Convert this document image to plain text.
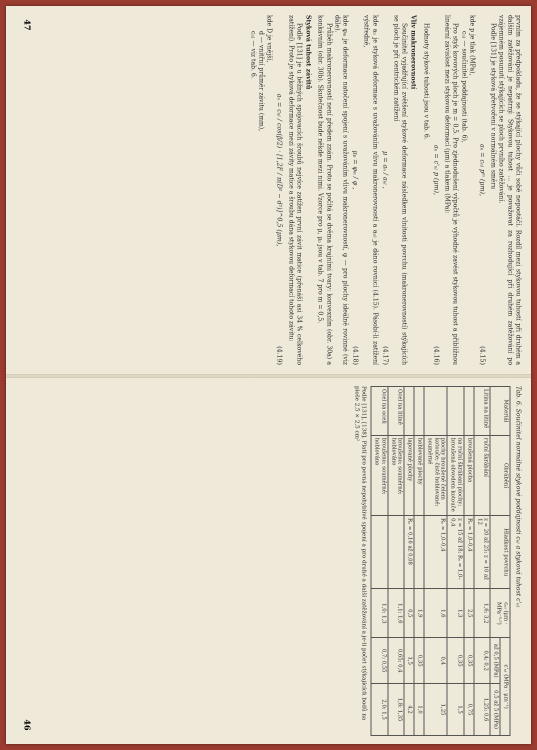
prvním za předpokladu, že se stýkající plochy vůči sobě nepootáčí. Rozdíl mezi stykovou tuhostí při druhém a dalším zatěžování je nepatrný. Stykovou tuhost ... je považovat za rozhodující při druhém zatěžování po vzájemném posunutí stýkajících se ploch prvního zatěžování.

Podle [131] je styková přetvoření v normálném směru

aₙ = cₙₗ pᵐ (μm),
(4.15)

kde p je tlak (MPa),

cₙₗ — součinitel poddajnosti (tab. 6),

Pro styk kovových ploch je m = 0,5. Pro zjednodušení výpočtů je výhodné zavést stykovou tuhost a přibližnou lineární závislost mezi stykovou deformací (μm) a tlakem (MPa):

aₙ = c'ₙₗ p (μm),
(4.16)

Hodnoty stykové tuhosti jsou v tab. 6.

Vliv makronerovností

Součinitel vyjadřující zvětšení stykové deformace následkem vlnitosti povrchu (makronerovností) stýkajících se ploch je při centrickém zatížení

μ = aₙ / aₙₗ ,
(4.17)

kde aₙ je styková deformace s uvažováním vlivu makronerovností a aₙₗ je dáno rovnicí (4.15). Pásobí-li zatížení výstředně,

μₚ = φₘ / φ ,
(4.18)

kde φₘ je deformace natočení spojení s uvažováním vlivu makronerovností, φ — pro plochy ideálně rovinné (viz dále).

Průběh makronerovností není předem znám. Proto se počítá se dvěma krajními tvary: konvexním (obr. 30a) a konkávním (obr. 30b). Skutečnost bude někde mezi nimi. Vzorce pro μ, μₚ jsou v tab. 7 pro m = 0,5.

Styková tuhost závitů

Podle [131] je u běžných spojovacích šroubů nejvíce zatížen první závit matice (přenáší asi 34 % celkového zatížení). Proto je styková deformace mezi závity matice a šroubu dána stykovou deformací tohoto závitu:

aₙ = cₙₗ / cos(β/2) · [1,2F / π(D² − d²)]^0,5 (μm),
(4.19)

kde D je vnější,

d — vnitřní průměr závitu (mm),

cₙₗ — viz tab. 6.

47

Tab. 6. Součinitel normálné stykové poddajnosti cₙₗ a styková tuhost c'ₙₗ

Materiál	Obrábění	Hladkost povrchu	cₙₗ (μm · MPa⁻⁰·⁵)	c'ₙₗ (MPa · μm⁻¹)	
				až 0,5 (MPa)	0,5 až 5 (MPa)
Litina na litině	ruční škrábání	z = 20 až 25; z = 10 až 12	1,6; 3,2	0,4; 0,2	1,25; 0,6
	broušená plocha	Rₐ = 1,0–0,4	2,5	0,35	0,75
	na ruční škrábaní plochy; broušená obvodem kotouče	z = 15 až 18; Rₐ = 1,0–0,4	1,3	0,35	1,5
	plochy broušené čelem kotouče; čistě hoblované; souměrné	Rₐ = 1,0–0,4	1,6	0,4	1,25
	hoblované plochy		1,9	0,35	1,0
	lapované plochy	Rₐ = 0,16 až 0,08	0,5	1,5	4,2
Ocel na litině	broušeno; souměrné; hoblováno		1,1; 1,6	0,65; 0,4	1,8; 1,35
Ocel na oceli	broušeno; souměrné; hoblováno		1,0; 1,3	0,7; 0,55	2,0; 1,5

Podle [131], [138]. Platí pro pevná nepohyblivé spojení a pro druhé a další zatěžování a je-li počet stýkajících bodů na ploše 2,5 × 2,5 cm²

46
